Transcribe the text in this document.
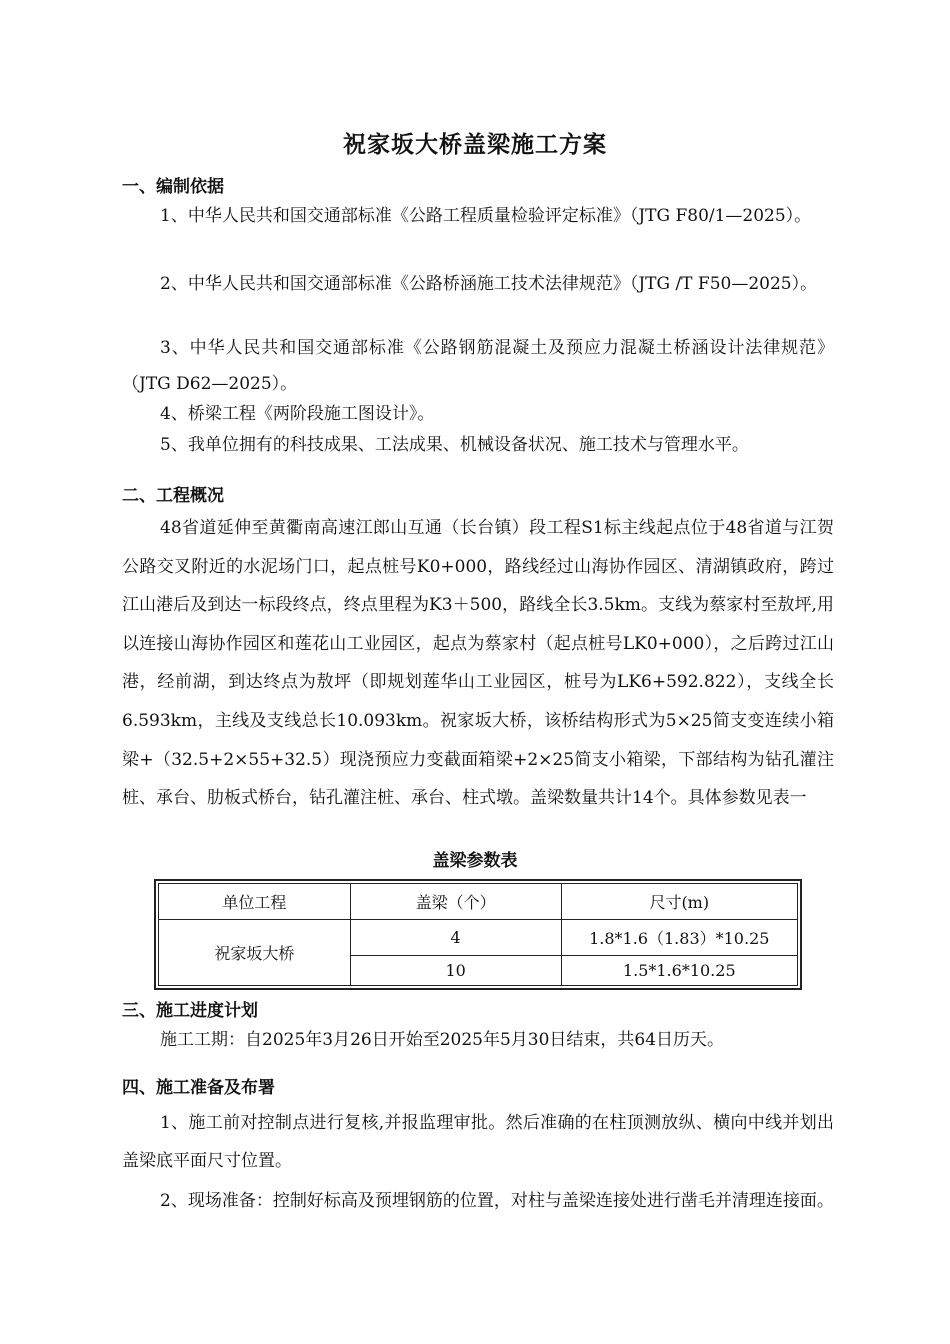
祝家坂大桥盖梁施工方案
一、编制依据
1、中华人民共和国交通部标准《公路工程质量检验评定标准》（JTG F80/1—2025）。
2、中华人民共和国交通部标准《公路桥涵施工技术法律规范》（JTG /T F50—2025）。
3、中华人民共和国交通部标准《公路钢筋混凝土及预应力混凝土桥涵设计法律规范》（JTG D62—2025）。
4、桥梁工程《两阶段施工图设计》。
5、我单位拥有的科技成果、工法成果、机械设备状况、施工技术与管理水平。
二、工程概况
48省道延伸至黄衢南高速江郎山互通（长台镇）段工程S1标主线起点位于48省道与江贺公路交叉附近的水泥场门口，起点桩号K0+000，路线经过山海协作园区、清湖镇政府，跨过江山港后及到达一标段终点，终点里程为K3＋500，路线全长3.5km。支线为蔡家村至敖坪,用以连接山海协作园区和莲花山工业园区，起点为蔡家村（起点桩号LK0+000），之后跨过江山港，经前湖，到达终点为敖坪（即规划莲华山工业园区，桩号为LK6+592.822），支线全长6.593km，主线及支线总长10.093km。祝家坂大桥，该桥结构形式为5×25简支变连续小箱梁+（32.5+2×55+32.5）现浇预应力变截面箱梁+2×25简支小箱梁，下部结构为钻孔灌注桩、承台、肋板式桥台，钻孔灌注桩、承台、柱式墩。盖梁数量共计14个。具体参数见表一
盖梁参数表
单位工程	盖梁（个）	尺寸(m)
祝家坂大桥	4	1.8*1.6（1.83）*10.25
	10	1.5*1.6*10.25
三、施工进度计划
施工工期：自2025年3月26日开始至2025年5月30日结束，共64日历天。
四、施工准备及布署
1、施工前对控制点进行复核,并报监理审批。然后准确的在柱顶测放纵、横向中线并划出盖梁底平面尺寸位置。
2、现场准备：控制好标高及预埋钢筋的位置，对柱与盖梁连接处进行凿毛并清理连接面。
